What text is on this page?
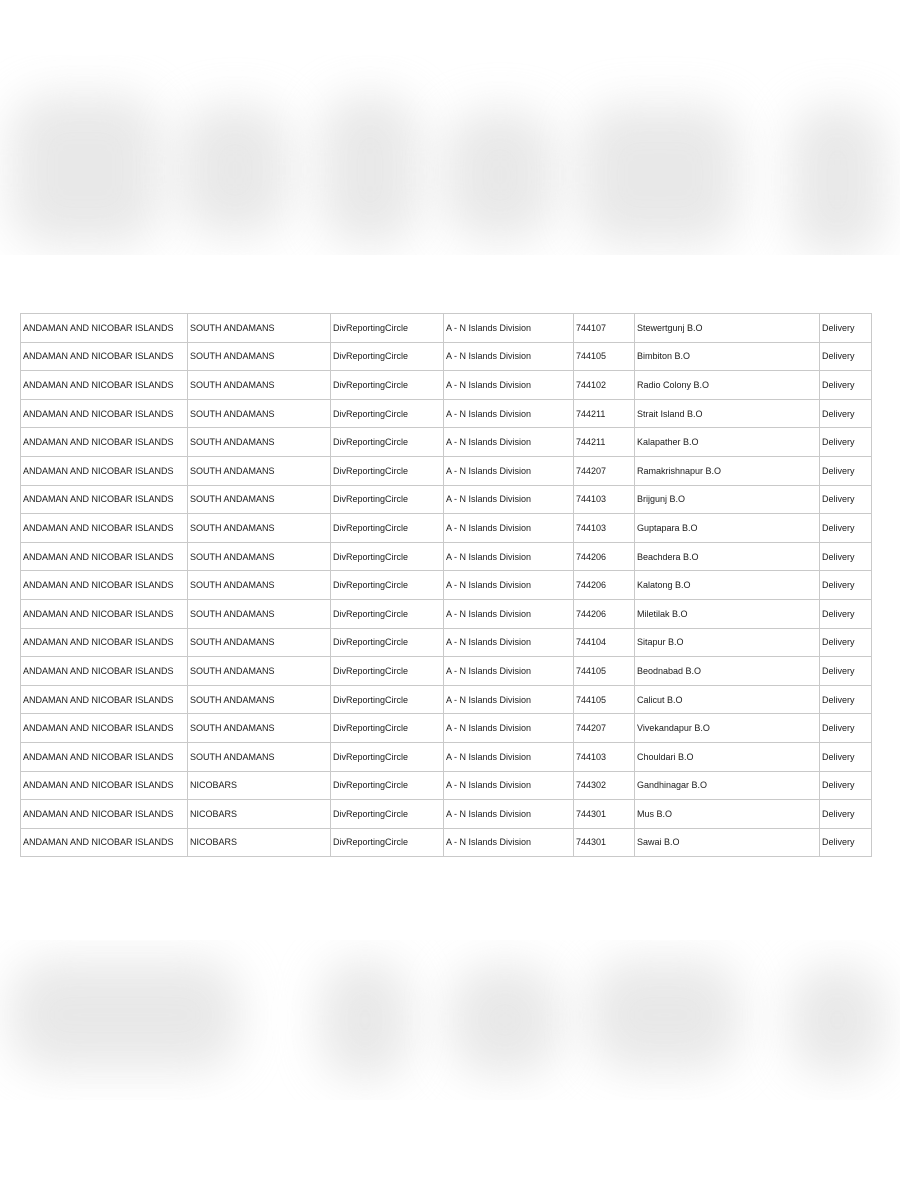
ANDAMAN AND NICOBAR ISLANDS	SOUTH ANDAMANS	DivReportingCircle	A - N Islands Division	744107	Stewertgunj B.O	Delivery
ANDAMAN AND NICOBAR ISLANDS	SOUTH ANDAMANS	DivReportingCircle	A - N Islands Division	744105	Bimbiton B.O	Delivery
ANDAMAN AND NICOBAR ISLANDS	SOUTH ANDAMANS	DivReportingCircle	A - N Islands Division	744102	Radio Colony B.O	Delivery
ANDAMAN AND NICOBAR ISLANDS	SOUTH ANDAMANS	DivReportingCircle	A - N Islands Division	744211	Strait Island B.O	Delivery
ANDAMAN AND NICOBAR ISLANDS	SOUTH ANDAMANS	DivReportingCircle	A - N Islands Division	744211	Kalapather B.O	Delivery
ANDAMAN AND NICOBAR ISLANDS	SOUTH ANDAMANS	DivReportingCircle	A - N Islands Division	744207	Ramakrishnapur B.O	Delivery
ANDAMAN AND NICOBAR ISLANDS	SOUTH ANDAMANS	DivReportingCircle	A - N Islands Division	744103	Brijgunj B.O	Delivery
ANDAMAN AND NICOBAR ISLANDS	SOUTH ANDAMANS	DivReportingCircle	A - N Islands Division	744103	Guptapara B.O	Delivery
ANDAMAN AND NICOBAR ISLANDS	SOUTH ANDAMANS	DivReportingCircle	A - N Islands Division	744206	Beachdera B.O	Delivery
ANDAMAN AND NICOBAR ISLANDS	SOUTH ANDAMANS	DivReportingCircle	A - N Islands Division	744206	Kalatong B.O	Delivery
ANDAMAN AND NICOBAR ISLANDS	SOUTH ANDAMANS	DivReportingCircle	A - N Islands Division	744206	Miletilak B.O	Delivery
ANDAMAN AND NICOBAR ISLANDS	SOUTH ANDAMANS	DivReportingCircle	A - N Islands Division	744104	Sitapur B.O	Delivery
ANDAMAN AND NICOBAR ISLANDS	SOUTH ANDAMANS	DivReportingCircle	A - N Islands Division	744105	Beodnabad B.O	Delivery
ANDAMAN AND NICOBAR ISLANDS	SOUTH ANDAMANS	DivReportingCircle	A - N Islands Division	744105	Calicut B.O	Delivery
ANDAMAN AND NICOBAR ISLANDS	SOUTH ANDAMANS	DivReportingCircle	A - N Islands Division	744207	Vivekandapur B.O	Delivery
ANDAMAN AND NICOBAR ISLANDS	SOUTH ANDAMANS	DivReportingCircle	A - N Islands Division	744103	Chouldari B.O	Delivery
ANDAMAN AND NICOBAR ISLANDS	NICOBARS	DivReportingCircle	A - N Islands Division	744302	Gandhinagar B.O	Delivery
ANDAMAN AND NICOBAR ISLANDS	NICOBARS	DivReportingCircle	A - N Islands Division	744301	Mus B.O	Delivery
ANDAMAN AND NICOBAR ISLANDS	NICOBARS	DivReportingCircle	A - N Islands Division	744301	Sawai B.O	Delivery
